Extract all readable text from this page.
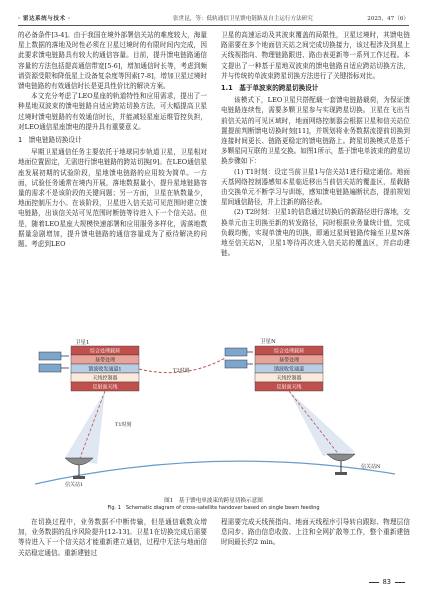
· 雷达系统与技术 ·	张世昆，等：低轨通信卫星馈电链路及自主运行方法研究	2025，47（6）

的必备条件[3-4]。由于我国在境外部署信关站的难度较大，海量星上数据的落地及时性必须在卫星过境时的有限时间内完成，因此要求馈电链路具有较大的通信容量。目前，提升馈电链路通信容量的方法包括提高通信带宽[5-6]，增加通信时长等，考虑到频谱资源受限和降低星上设备复杂度等因素[7-8]，增加卫星过境时馈电链路的有效通信时长是更具性价比的解决方案。

本文充分考虑了LEO星座的轨道特性和应用需求，提出了一种星地双波束的馈电链路自适应跨站切换方法，可大幅提高卫星过境时馈电链路的有效通信时长，并能减轻星座运维管控负担，对LEO通信星座馈电的提升具有重要意义。

1　馈电链路切换设计

早期卫星通信任务主要依托于地球同步轨道卫星，卫星相对地面位置固定，无需进行馈电链路的跨站切换[9]。在LEO通信星座发展初期的试验阶段，星地馈电链路的应用较为简单。一方面，试验任务通常在境内开展，落地数据量小，提升星地链路容量的需求不是该阶段的关键问题；另一方面，卫星在轨数量少，地面控制压力小。在该阶段，卫星进入信关站可见范围时建立馈电链路，出该信关站可见范围时断链等待进入下一个信关站。但是，随着LEO星座大规模快速部署和应用服务多样化，需落地数据量急剧增加，提升馈电链路的通信容量成为了亟待解决的问题。考虑到LEO

卫星的高速运动及其波束覆盖的局限性，卫星过境时，其馈电链路需要在多个地面信关站之间完成切换接力，该过程涉及到星上天线视指向、物理链路跟进、路由表更新等一系列工作过程。本文提出了一种基于星地双波束的馈电链路自适应跨站切换方法，并与传统的单波束跨星切换方法进行了关键指标对比。

1.1　基于单波束的跨星切换设计

该模式下，LEO卫星只搭配载一套馈电链路载荷，为保证馈电链路连续性，需要多颗卫星参与实现跨星切换。卫星在飞出当前信关站的可见区域时，地面网络控制器会根据卫星和信关站位置提前判断馈电切换时刻[11]，并规划将业务数据流提前切换到连接时间更长、链路更稳定的馈电链路上。跨星切换模式是基于多颗星同互联的卫星交换。如图1所示，基于馈电单波束的跨星切换步骤如下：

(1) T1时刻：设定当前卫星1与信关站1进行稳定通信。地面天基网络控制器感知本星临近移出当前信关站的覆盖区，星载路由交换单元不断学习与训练，感知馈电链路遍断状态，提前规划星间通信路径，并上注新的路径表。

(2) T2时刻：卫星1的信息通过切换后的新路径进行落地，交换单元由主切换至新的转发路径，同时根据业务量统计值，完成负载均衡，实现单馈电的切换，即通过星间链路传输至卫星N落地至信关站N，卫星1等待再次进入信关站的覆盖区，并启动建链。

卫星1
综合处理载荷
基带处理
馈波收发通道1
天线控制器
反射面天线
卫星N
综合处理载荷
基带处理
馈波收发通道
天线控制器
反射面天线
T2时刻
T1时刻
信关站1
信关站N
图1　基于馈电单波束的跨星切换示意图
Fig. 1　Schematic diagram of cross-satellite handover based on single beam feeding

在切换过程中，业务数据不中断传输，但是通信载数众增加，业务数据的乱序风险提升[12-13]。卫星1在切换完成后需要等待进入下一个信关站才能重新建立通信，过程中无法与地面信关站稳定通信。重新建链过

程需要完成天线预指向、地面天线程序引导转自跟踪、物理层信息同步、路由信息收敛、上注和全网扩散等工作，整个重新建链时间最长约2 min。

83
